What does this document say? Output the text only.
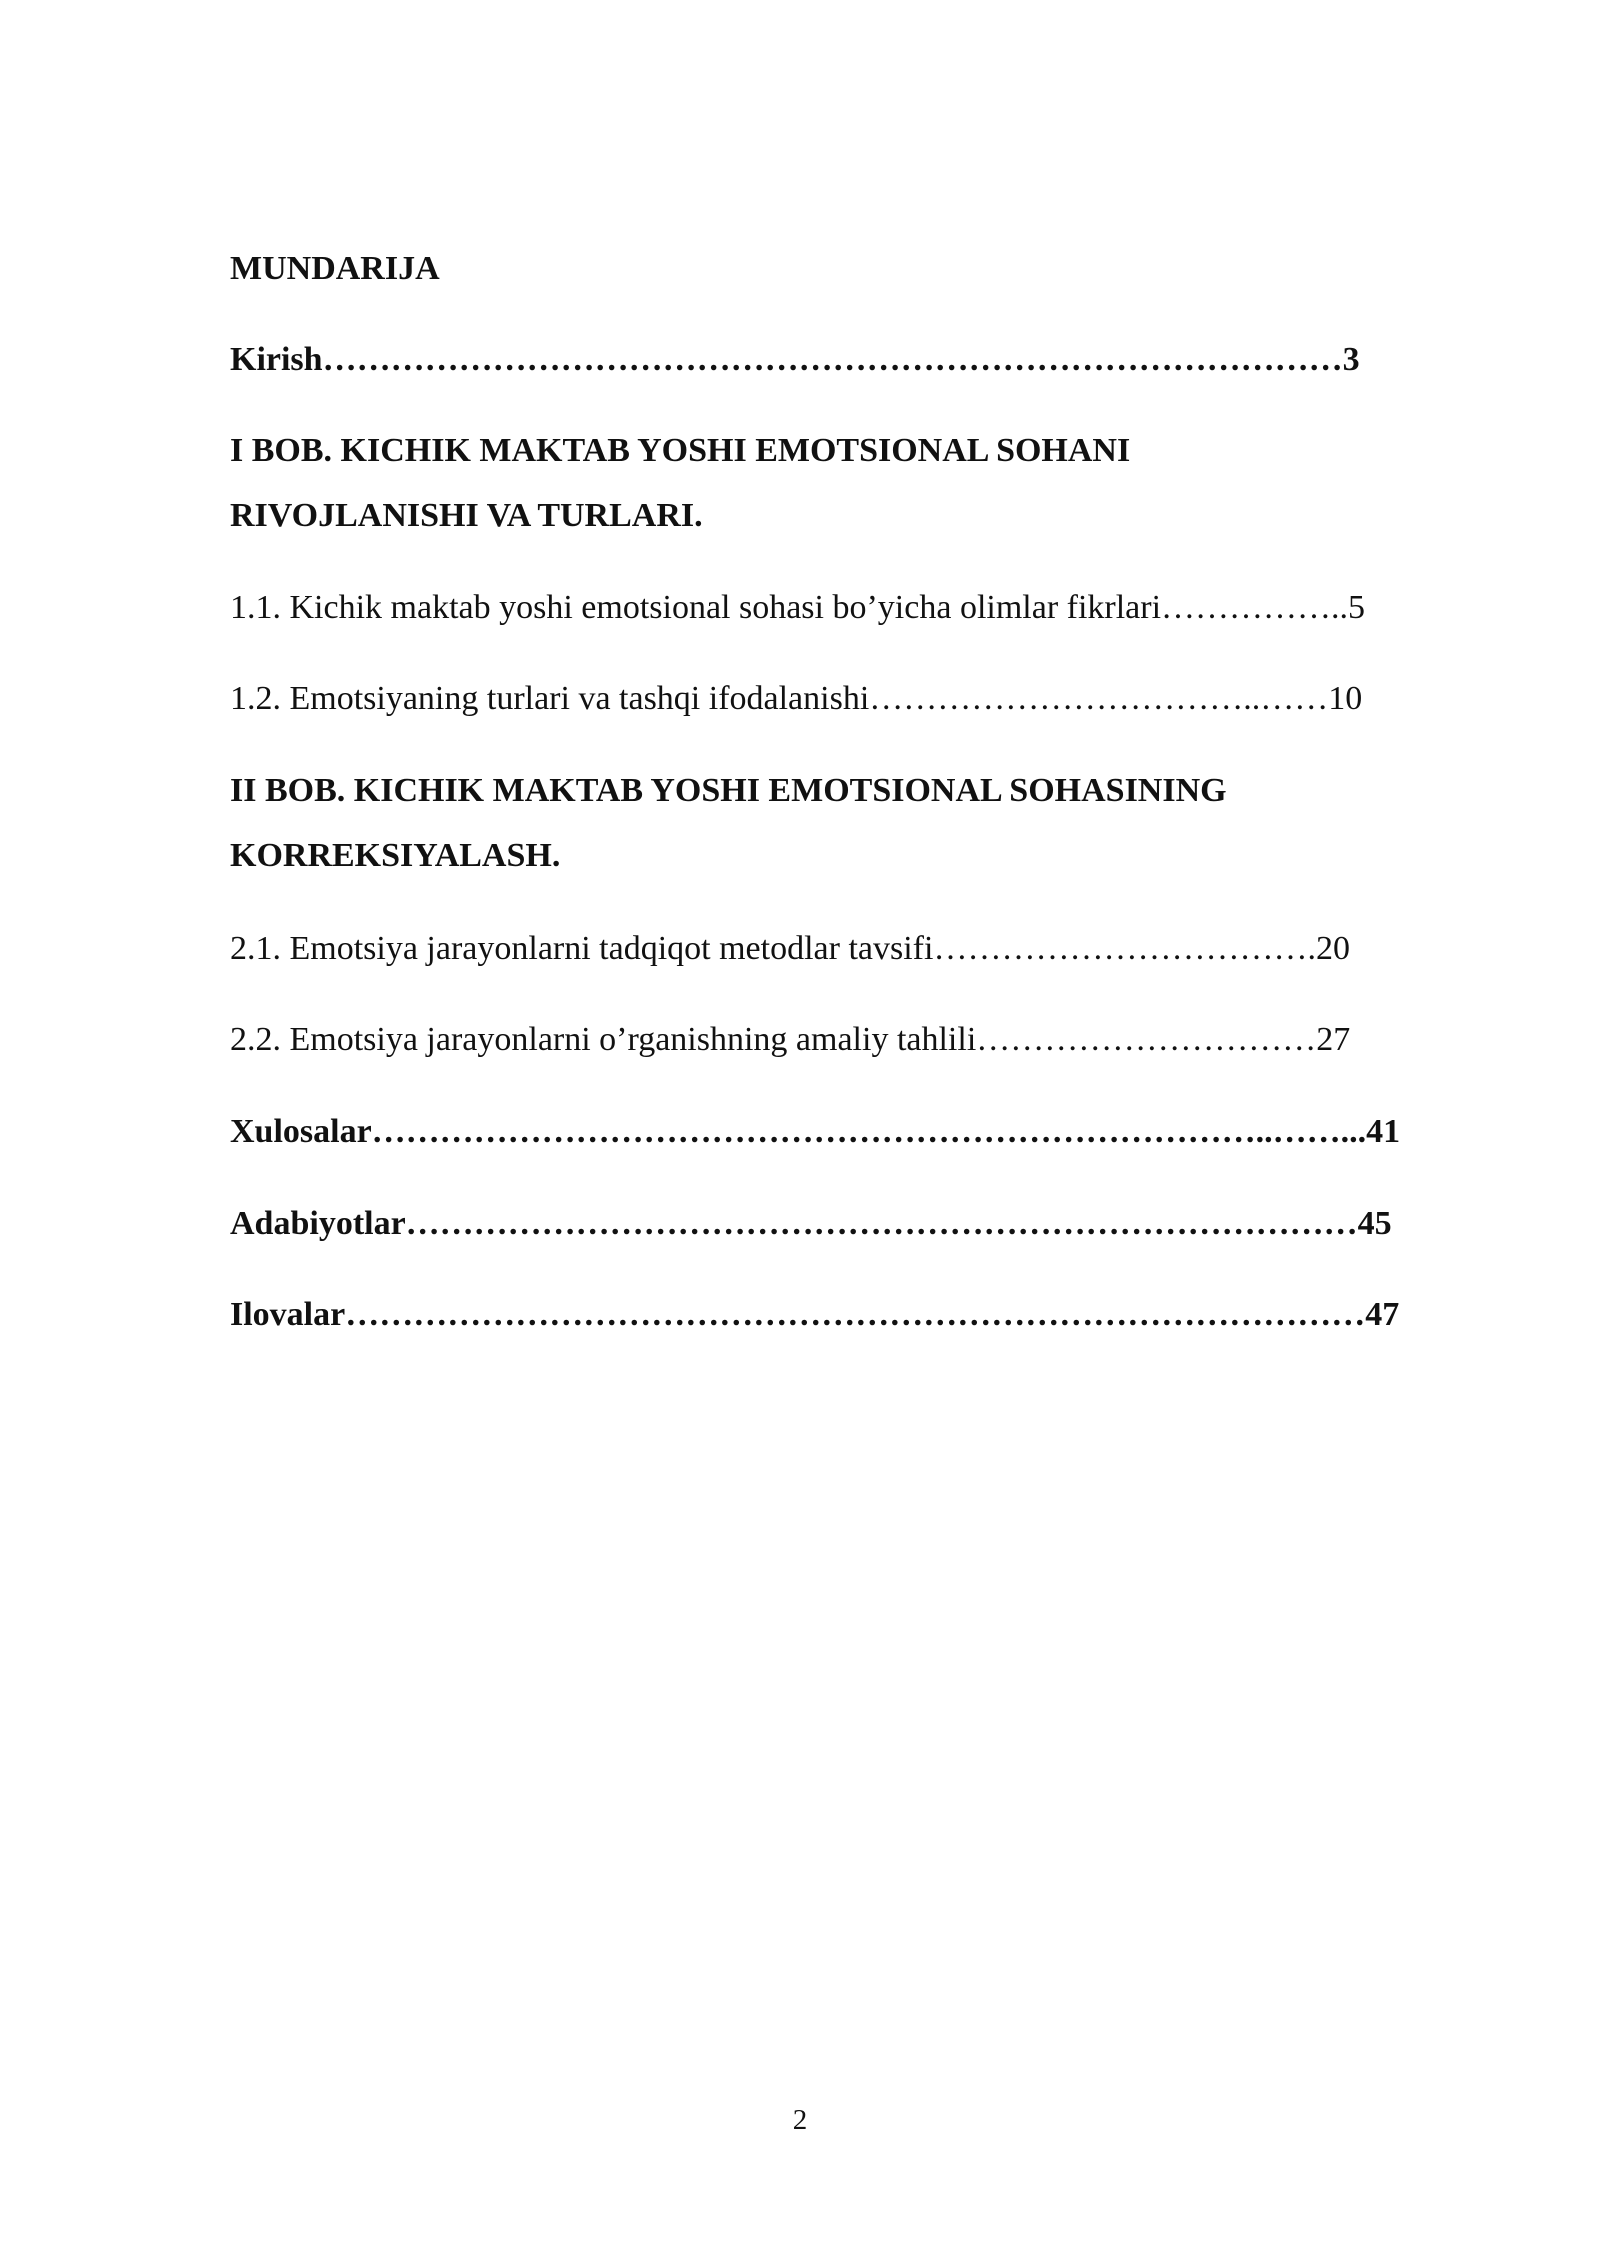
MUNDARIJA
Kirish………………………………………………………………………………3
I BOB. KICHIK MAKTAB YOSHI EMOTSIONAL SOHANI
RIVOJLANISHI VA TURLARI.
1.1. Kichik maktab yoshi emotsional sohasi bo’yicha olimlar fikrlari……………..5
1.2. Emotsiyaning turlari va tashqi ifodalanishi……………………………..……10
II BOB. KICHIK MAKTAB YOSHI EMOTSIONAL SOHASINING
KORREKSIYALASH.
2.1. Emotsiya jarayonlarni tadqiqot metodlar tavsifi…………………………….20
2.2. Emotsiya jarayonlarni o’rganishning amaliy tahlili…………………………27
Xulosalar……………………………………………………………………..……...41
Adabiyotlar…………………………………………………………………………45
Ilovalar………………………………………………………………………………47
2
